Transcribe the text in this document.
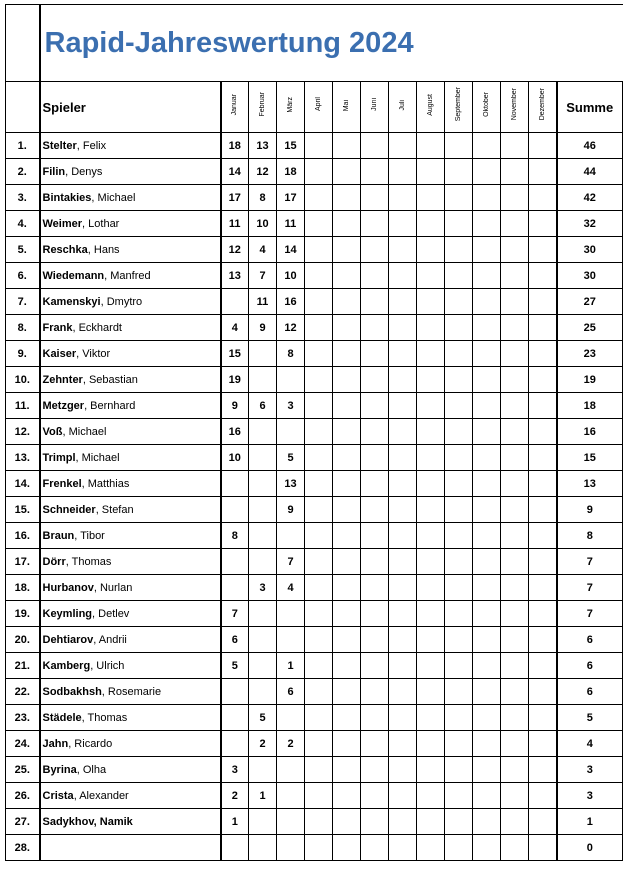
	Rapid-Jahreswertung 2024													
	Spieler	Januar	Februar	März	April	Mai	Juni	Juli	August	September	Oktober	November	Dezember	Summe
1.	Stelter, Felix	18	13	15										46
2.	Filin, Denys	14	12	18										44
3.	Bintakies, Michael	17	8	17										42
4.	Weimer, Lothar	11	10	11										32
5.	Reschka, Hans	12	4	14										30
6.	Wiedemann, Manfred	13	7	10										30
7.	Kamenskyi, Dmytro		11	16										27
8.	Frank, Eckhardt	4	9	12										25
9.	Kaiser, Viktor	15		8										23
10.	Zehnter, Sebastian	19												19
11.	Metzger, Bernhard	9	6	3										18
12.	Voß, Michael	16												16
13.	Trimpl, Michael	10		5										15
14.	Frenkel, Matthias			13										13
15.	Schneider, Stefan			9										9
16.	Braun, Tibor	8												8
17.	Dörr, Thomas			7										7
18.	Hurbanov, Nurlan		3	4										7
19.	Keymling, Detlev	7												7
20.	Dehtiarov, Andrii	6												6
21.	Kamberg, Ulrich	5		1										6
22.	Sodbakhsh, Rosemarie			6										6
23.	Städele, Thomas		5											5
24.	Jahn, Ricardo		2	2										4
25.	Byrina, Olha	3												3
26.	Crista, Alexander	2	1											3
27.	Sadykhov, Namik	1												1
28.														0
